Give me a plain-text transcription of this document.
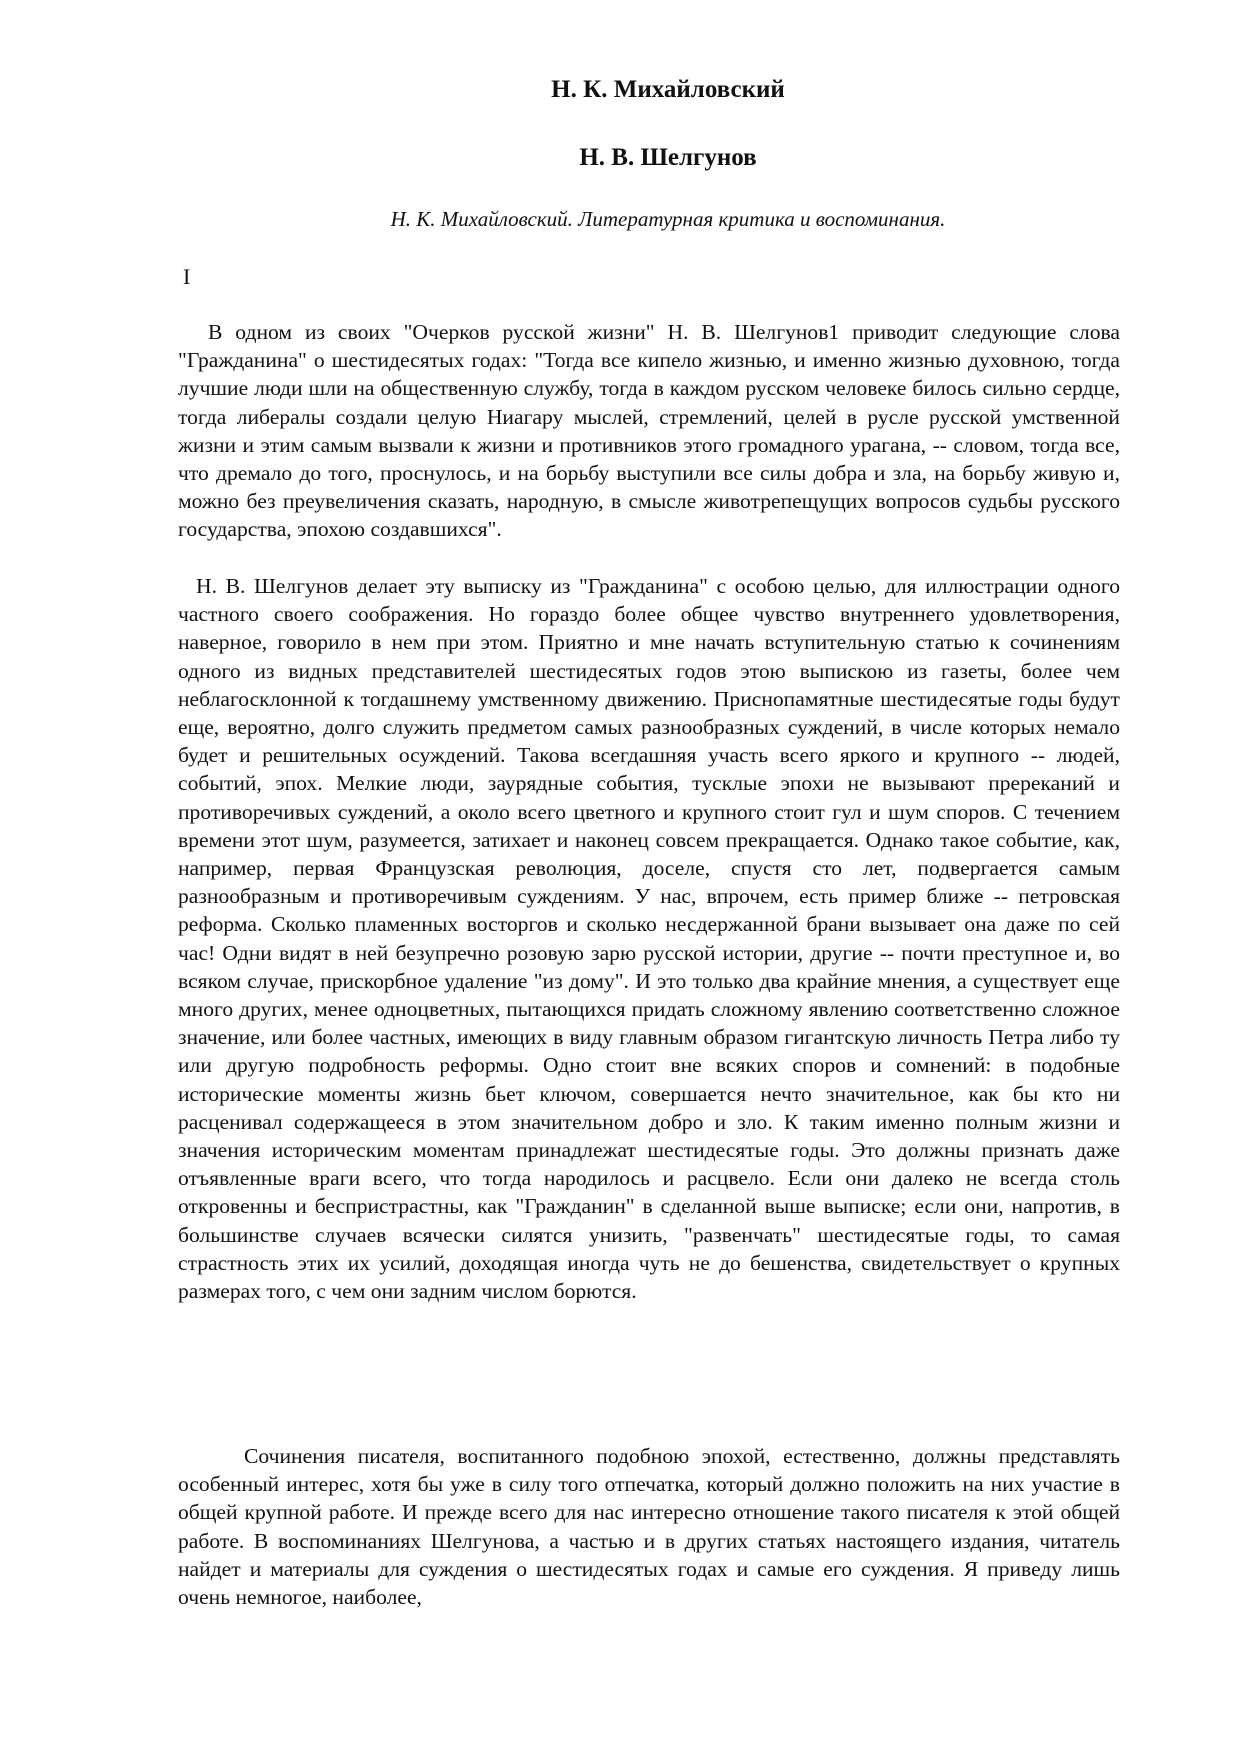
Н. К. Михайловский
Н. В. Шелгунов

Н. К. Михайловский. Литературная критика и воспоминания.

I

В одном из своих "Очерков русской жизни" Н. В. Шелгунов1 приводит следующие слова "Гражданина" о шестидесятых годах: "Тогда все кипело жизнью, и именно жизнью духовною, тогда лучшие люди шли на общественную службу, тогда в каждом русском человеке билось сильно сердце, тогда либералы создали целую Ниагару мыслей, стремлений, целей в русле русской умственной жизни и этим самым вызвали к жизни и противников этого громадного урагана, -- словом, тогда все, что дремало до того, проснулось, и на борьбу выступили все силы добра и зла, на борьбу живую и, можно без преувеличения сказать, народную, в смысле животрепещущих вопросов судьбы русского государства, эпохою создавшихся".

Н. В. Шелгунов делает эту выписку из "Гражданина" с особою целью, для иллюстрации одного частного своего соображения. Но гораздо более общее чувство внутреннего удовлетворения, наверное, говорило в нем при этом. Приятно и мне начать вступительную статью к сочинениям одного из видных представителей шестидесятых годов этою выпискою из газеты, более чем неблагосклонной к тогдашнему умственному движению. Приснопамятные шестидесятые годы будут еще, вероятно, долго служить предметом самых разнообразных суждений, в числе которых немало будет и решительных осуждений. Такова всегдашняя участь всего яркого и крупного -- людей, событий, эпох. Мелкие люди, заурядные события, тусклые эпохи не вызывают пререканий и противоречивых суждений, а около всего цветного и крупного стоит гул и шум споров. С течением времени этот шум, разумеется, затихает и наконец совсем прекращается. Однако такое событие, как, например, первая Французская революция, доселе, спустя сто лет, подвергается самым разнообразным и противоречивым суждениям. У нас, впрочем, есть пример ближе -- петровская реформа. Сколько пламенных восторгов и сколько несдержанной брани вызывает она даже по сей час! Одни видят в ней безупречно розовую зарю русской истории, другие -- почти преступное и, во всяком случае, прискорбное удаление "из дому". И это только два крайние мнения, а существует еще много других, менее одноцветных, пытающихся придать сложному явлению соответственно сложное значение, или более частных, имеющих в виду главным образом гигантскую личность Петра либо ту или другую подробность реформы. Одно стоит вне всяких споров и сомнений: в подобные исторические моменты жизнь бьет ключом, совершается нечто значительное, как бы кто ни расценивал содержащееся в этом значительном добро и зло. К таким именно полным жизни и значения историческим моментам принадлежат шестидесятые годы. Это должны признать даже отъявленные враги всего, что тогда народилось и расцвело. Если они далеко не всегда столь откровенны и беспристрастны, как "Гражданин" в сделанной выше выписке; если они, напротив, в большинстве случаев всячески силятся унизить, "развенчать" шестидесятые годы, то самая страстность этих их усилий, доходящая иногда чуть не до бешенства, свидетельствует о крупных размерах того, с чем они задним числом борются.

Сочинения писателя, воспитанного подобною эпохой, естественно, должны представлять особенный интерес, хотя бы уже в силу того отпечатка, который должно положить на них участие в общей крупной работе. И прежде всего для нас интересно отношение такого писателя к этой общей работе. В воспоминаниях Шелгунова, а частью и в других статьях настоящего издания, читатель найдет и материалы для суждения о шестидесятых годах и самые его суждения. Я приведу лишь очень немногое, наиболее,
